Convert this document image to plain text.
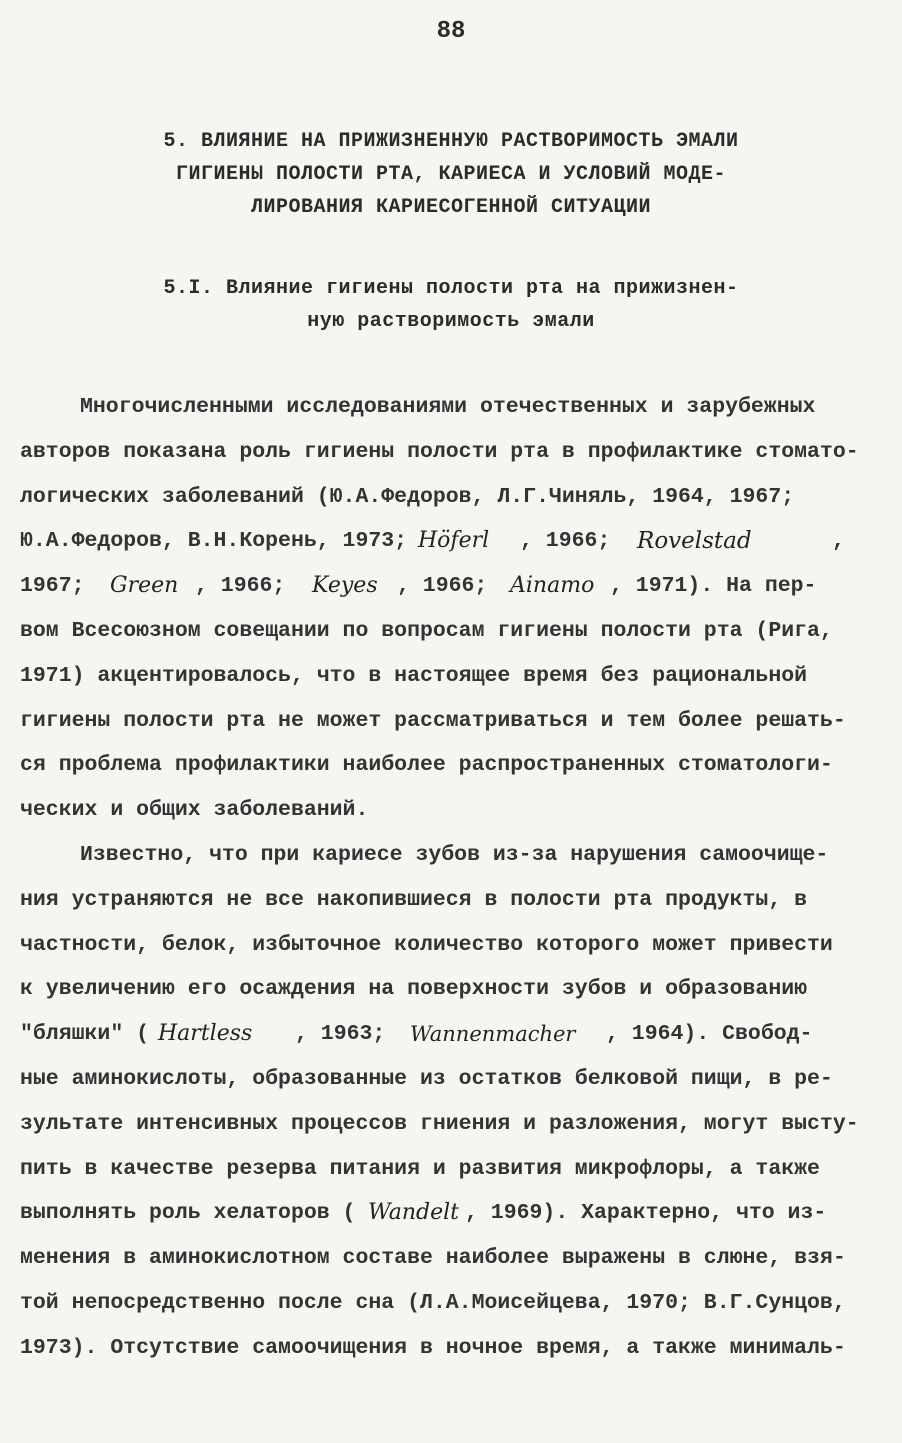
88
5. ВЛИЯНИЕ НА ПРИЖИЗНЕННУЮ РАСТВОРИМОСТЬ ЭМАЛИ
ГИГИЕНЫ ПОЛОСТИ РТА, КАРИЕСА И УСЛОВИЙ МОДЕ-
ЛИРОВАНИЯ КАРИЕСОГЕННОЙ СИТУАЦИИ
5.I. Влияние гигиены полости рта на прижизнен-
ную растворимость эмали
Многочисленными исследованиями отечественных и зарубежных
авторов показана роль гигиены полости рта в профилактике стомато-
логических заболеваний (Ю.А.Федоров, Л.Г.Чиняль, 1964, 1967;
Ю.А.Федоров, В.Н.Корень, 1973; Höferl , 1966; Rovelstad	,
1967; Green , 1966; Keyes , 1966; Ainamo , 1971). На пер-
вом Всесоюзном совещании по вопросам гигиены полости рта (Рига,
1971) акцентировалось, что в настоящее время без рациональной
гигиены полости рта не может рассматриваться и тем более решать-
ся проблема профилактики наиболее распространенных стоматологи-
ческих и общих заболеваний.
Известно, что при кариесе зубов из-за нарушения самоочище-
ния устраняются не все накопившиеся в полости рта продукты, в
частности, белок, избыточное количество которого может привести
к увеличению его осаждения на поверхности зубов и образованию
"бляшки" ( Hartless , 1963; Wannenmacher , 1964). Свобод-
ные аминокислоты, образованные из остатков белковой пищи, в ре-
зультате интенсивных процессов гниения и разложения, могут высту-
пить в качестве резерва питания и развития микрофлоры, а также
выполнять роль хелаторов ( Wandelt , 1969). Характерно, что из-
менения в аминокислотном составе наиболее выражены в слюне, взя-
той непосредственно после сна (Л.А.Моисейцева, 1970; В.Г.Сунцов,
1973). Отсутствие самоочищения в ночное время, а также минималь-
